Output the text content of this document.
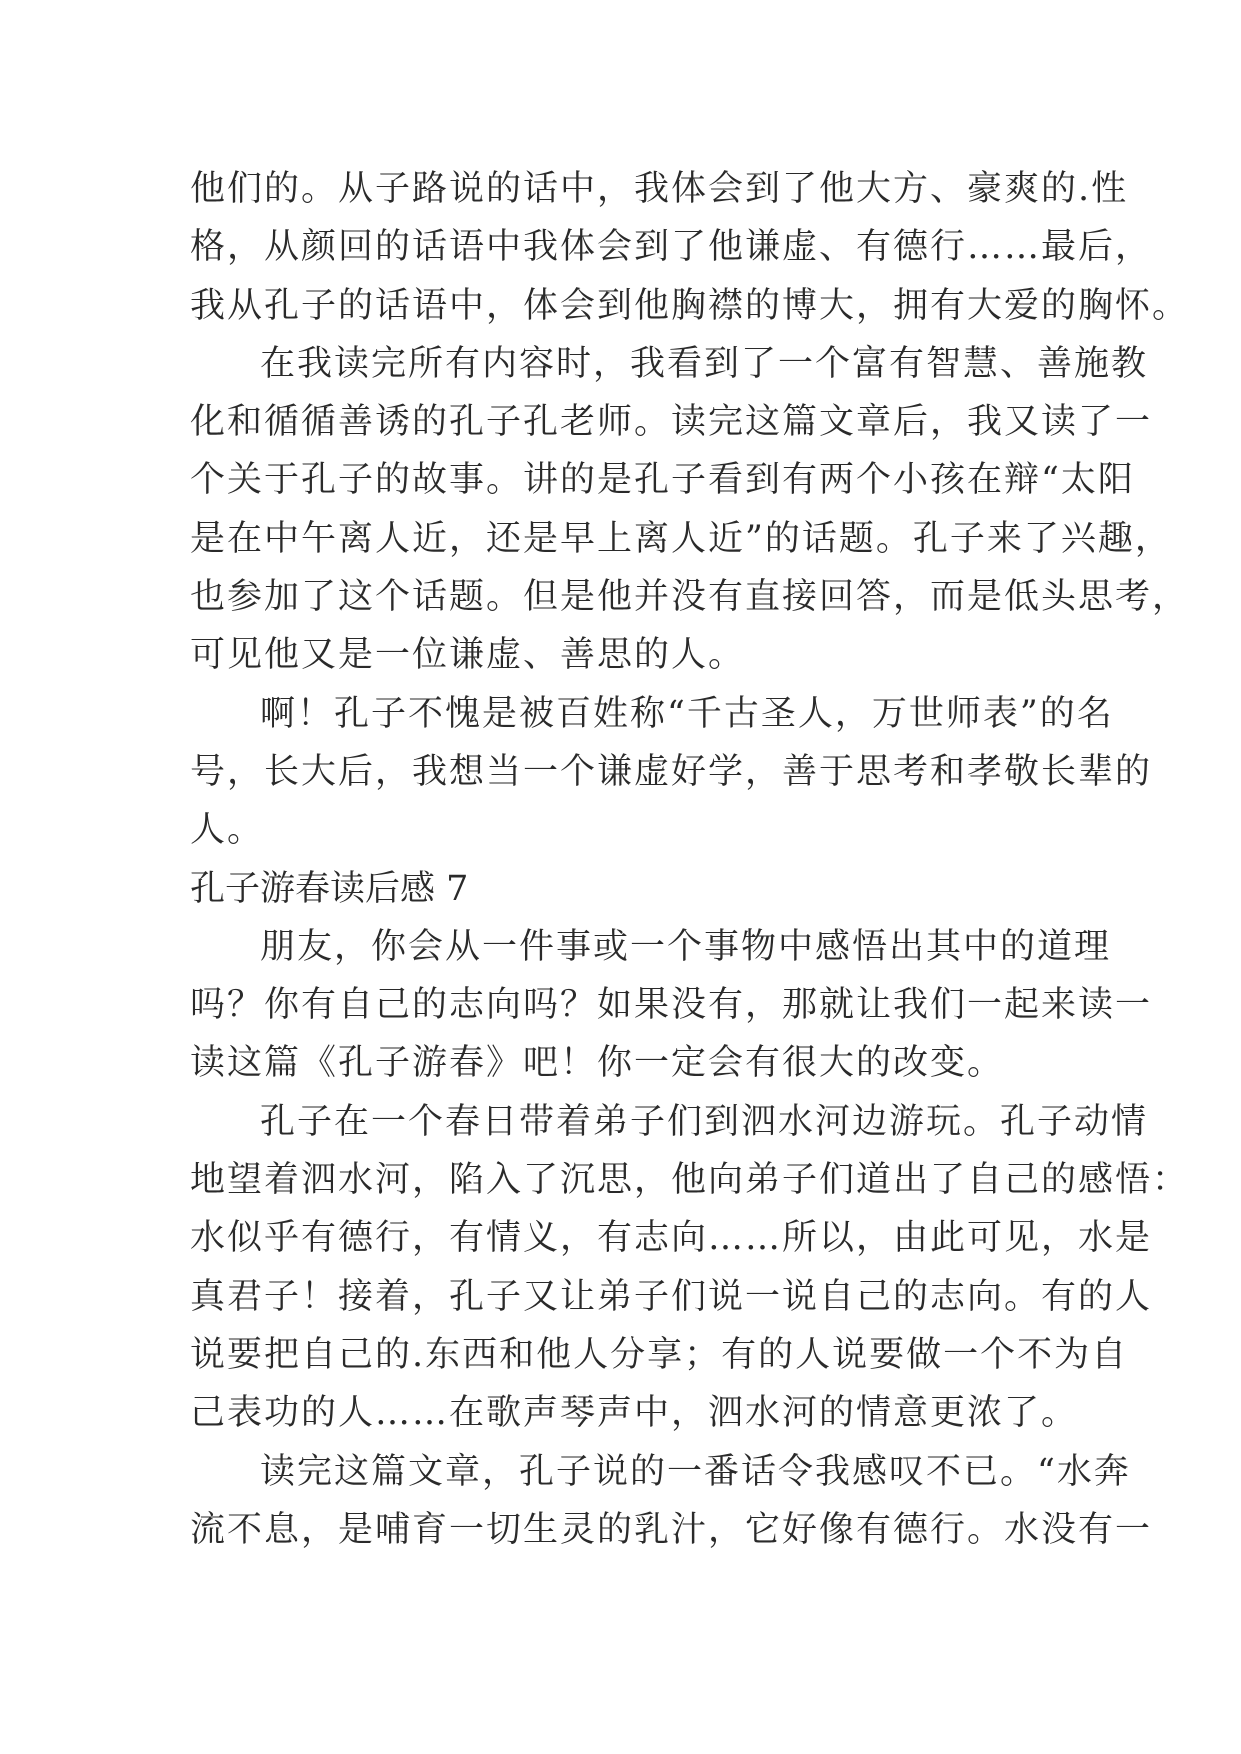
他们的。从子路说的话中，我体会到了他大方、豪爽的.性
格，从颜回的话语中我体会到了他谦虚、有德行……最后，
我从孔子的话语中，体会到他胸襟的博大，拥有大爱的胸怀。
在我读完所有内容时，我看到了一个富有智慧、善施教
化和循循善诱的孔子孔老师。读完这篇文章后，我又读了一
个关于孔子的故事。讲的是孔子看到有两个小孩在辩“太阳
是在中午离人近，还是早上离人近”的话题。孔子来了兴趣，
也参加了这个话题。但是他并没有直接回答，而是低头思考，
可见他又是一位谦虚、善思的人。
啊！孔子不愧是被百姓称“千古圣人，万世师表”的名
号，长大后，我想当一个谦虚好学，善于思考和孝敬长辈的
人。
孔子游春读后感 7
朋友，你会从一件事或一个事物中感悟出其中的道理
吗？你有自己的志向吗？如果没有，那就让我们一起来读一
读这篇《孔子游春》吧！你一定会有很大的改变。
孔子在一个春日带着弟子们到泗水河边游玩。孔子动情
地望着泗水河，陷入了沉思，他向弟子们道出了自己的感悟：
水似乎有德行，有情义，有志向……所以，由此可见，水是
真君子！接着，孔子又让弟子们说一说自己的志向。有的人
说要把自己的.东西和他人分享；有的人说要做一个不为自
己表功的人……在歌声琴声中，泗水河的情意更浓了。
读完这篇文章，孔子说的一番话令我感叹不已。“水奔
流不息，是哺育一切生灵的乳汁，它好像有德行。水没有一
